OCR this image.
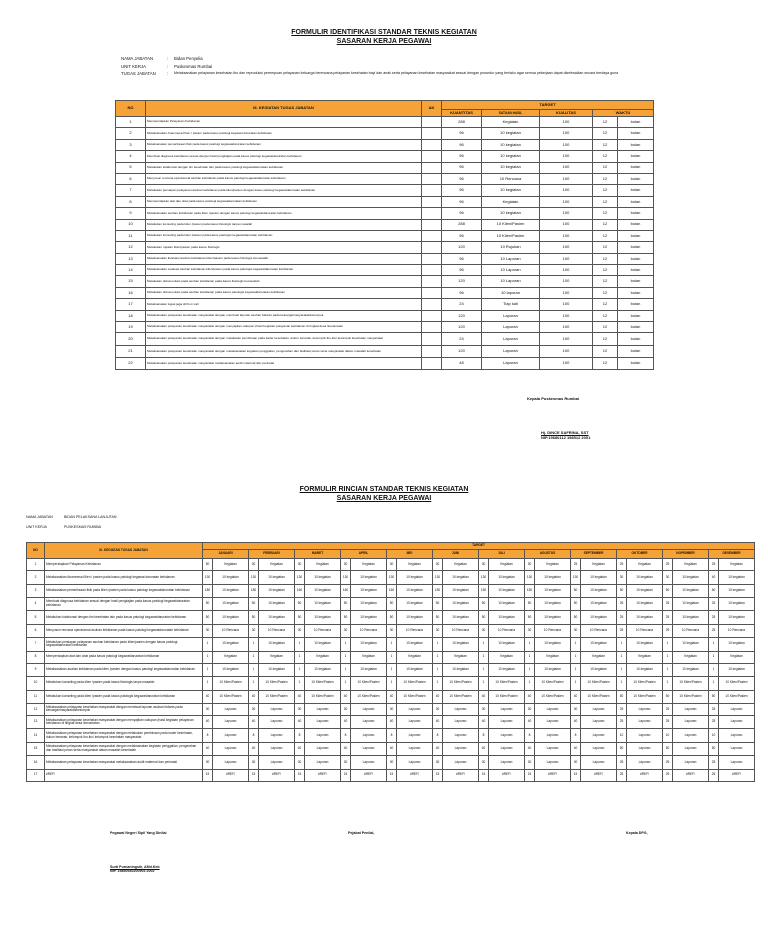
FORMULIR IDENTIFIKASI STANDAR TEKNIS KEGIATAN
SASARAN KERJA PEGAWAI
NAMA JABATAN	: Bidan Penyelia
UNIT KERJA	: Puskesmas Rumbai
TUGAS JABATAN	: Melaksanakan pelayanan kesehatan ibu dan reproduksi perempuan pelayanan keluarga berencana pelayanan kesehatan bayi dan anak serta pelayanan kesehatan masyarakat sesuai dengan prosedur yang berlaku agar semua pekerjaan dapat diselesaikan secara berdaya guna
NO	III. KEGIATAN TUGAS JABATAN	AK	TARGET				
			KUANTITAS	SATUAN HASIL	KUALITAS	WAKTU	
1	Mempersiapkan Pelayanan Kebidanan		288	Kegiatan	100	12	bulan
2	Melaksanakan Anamnesa Klien / pasien pada kasus patologi kegawat daruratan kebidanan		96	10 kegiatan	100	12	bulan
3	Melaksanakan pemeriksaan fisik pada kasus patologi kegawatdaruratan kebidanan		96	10 kegiatan	100	12	bulan
4	Membuat diagnosa kebidanan sesuai dengan hasil pengkajian pada kasus patologi kegawatdaruratan kebidanan		96	10 kegiatan	100	12	bulan
5	Melakukan kolaborasi dengan tim kesehatan lain pada kasus patologi kegawatdaruratan kebidanan		96	10 kegiatan	100	12	bulan
6	Menyusun rencana operasional asuhan kebidanan pada kasus patologi kegawatdaruratan kebidanan		96	10 Rencana	100	12	bulan
7	Melakukan persiapan pelayanan asuhan kebidanan pada klien/pasien dengan kasus patologi kegawatdaruratan kebidanan		96	10 kegiatan	100	12	bulan
8	Mempersiapkan alat dan obat pada kasus patologi kegawatdaruratan kebidanan		96	Kegiatan	100	12	bulan
9	Melaksanakan asuhan kebidanan pada klien /pasien dengan kasus patologi kegawatdaruratan kebidanan		96	10 kegiatan	100	12	bulan
10	Melakukan konseling pada klien /pasien pada kasus fisiologis tanpa masalah		288	10 Klien/Pasien	100	12	bulan
11	Melakukan konseling pada klien /pasien pada kasus patologis kegawatdaruratan kebidanan		96	10 Klien/Pasien	100	12	bulan
12	Melakukan rujukan klien/pasien pada kasus fisiologis		120	10 Rujukan	100	12	bulan
13	Melaksanakan Evaluasi asuhan kebidanan klien/pasien pada kasus fisiologis kemasalah		96	10 Laporan	100	12	bulan
14	Melaksanakan evaluasi asuhan kebidanan klien/pasien pada kasus patologis kegawatdaruratan kebidanan		96	10 Laporan	100	12	bulan
15	Melakukan dokumentasi pada asuhan kebidanan pada kasus fisiologis kemasalah		120	10 Laporan	100	12	bulan
16	Melakukan dokumentasi pada asuhan kebidanan pada kasus patologis kegawatdaruratan kebidanan		96	10 laporan	100	12	bulan
17	Melaksanakan tugas jaga shift on call		24	Tiap kali	100	12	bulan
18	Melaksanakan pelayanan kesehatan masyarakat dengan membuat laporan asuhan bidanis pada keluarga/masyarakat/kelompok		120	Laporan	100	12	bulan
19	Melaksanakan pelayanan kesehatan masyarakat dengan menyajikan cakupan (hasil kegiatan pelayanan kebidanan di tingkat desa /kecamatan		120	Laporan	100	12	bulan
20	Melaksanakan pelayanan kesehatan masyarakat dengan melakukan pembinaan pada kader kesehatan, dukun beranak, kelompok ibu-ibu/ kelompok kesehatan masyarakat		24	Laporan	100	12	bulan
21	Melaksanakan pelayanan kesehatan masyarakat dengan melaksanakan kegiatan penggalian, pengerahan dan fasilitasi peran serta masyarakat dalam masalah kesehatan		120	Laporan	100	12	bulan
22	Melaksanakan pelayanan kesehatan masyarakat melaksanakan audit maternal dan perinatal		48	Laporan	100	12	bulan
Kepala Puskesmas Rumbai
Hj. DINCE SAFRINA, SST
NIP.19680112 198512 2001
FORMULIR RINCIAN STANDAR TEKNIS KEGIATAN
SASARAN KERJA PEGAWAI
NAMA JABATAN	BIDAN PELAKSANA LANJUTAN
UNIT KERJA	PUSKESMAS RUMBAI
NO	III. KEGIATAN TUGAS JABATAN	TARGET																							
		JANUARI		FEBRUARI		MARET		APRIL		MEI		JUNI		JULI		AGUSTUS		SEPTEMBER		OKTOBER		NOPEMBER		DESEMBER	
1	Mempersiapkan Pelayanan Kebidanan	50	Kegiatan	30	Kegiatan	30	Kegiatan	30	Kegiatan	30	Kegiatan	30	Kegiatan	30	Kegiatan	30	Kegiatan	25	Kegiatan	25	Kegiatan	25	Kegiatan	25	Kegiatan
2	Melaksanakan Anamnesa Klien / pasien pada kasus patologi kegawat daruratan kebidanan	130	10 kegiatan	130	10 kegiatan	130	10 kegiatan	130	10 kegiatan	130	10 kegiatan	130	10 kegiatan	130	10 kegiatan	130	10 kegiatan	130	10 kegiatan	30	10 kegiatan	30	10 kegiatan	40	10 kegiatan
3	Melaksanakan pemeriksaan fisik pada klien /pasien pada kasus patologi kegawatdaruratan kebidanan	180	10 kegiatan	180	10 kegiatan	160	10 kegiatan	160	10 kegiatan	160	10 kegiatan	150	10 kegiatan	150	10 kegiatan	150	10 kegiatan	50	10 kegiatan	50	10 kegiatan	50	10 kegiatan	60	10 kegiatan
4	Membuat diagnosa kebidanan sesuai dengan hasil pengkajian pada kasus patologi kegawatdaruratan kebidanan	50	10 kegiatan	50	10 kegiatan	50	10 kegiatan	50	10 kegiatan	50	10 kegiatan	50	10 kegiatan	50	10 kegiatan	50	10 kegiatan	50	10 kegiatan	25	10 kegiatan	25	10 kegiatan	25	10 kegiatan
5	Melakukan kolaborasi dengan tim kesehatan lain pada kasus patologi kegawatdaruratan kebidanan	50	10 kegiatan	50	10 kegiatan	50	10 kegiatan	50	10 kegiatan	50	10 kegiatan	50	10 kegiatan	50	10 kegiatan	50	10 kegiatan	50	10 kegiatan	25	10 kegiatan	25	10 kegiatan	25	10 kegiatan
6	Menyusun rencana operasional asuhan kebidanan pada kasus patologi kegawatdaruratan kebidanan	30	10 Rencana	30	10 Rencana	30	10 Rencana	30	10 Rencana	30	10 Rencana	30	10 Rencana	30	10 Rencana	30	10 Rencana	30	10 Rencana	25	10 Rencana	25	10 Rencana	25	10 Rencana
7	Melakukan persiapan pelayanan asuhan kebidanan pada klien/pasien dengan kasus patologi kegawatdaruratan kebidanan	1	10 kegiatan	1	10 kegiatan	1	10 kegiatan	1	10 kegiatan	1	10 kegiatan	1	10 kegiatan	1	10 kegiatan	1	10 kegiatan	1	10 kegiatan	1	10 kegiatan	1	10 kegiatan	1	10 kegiatan
8	Mempersiapkan alat dan obat pada kasus patologi kegawatdaruratan kebidanan	1	Kegiatan	1	Kegiatan	1	Kegiatan	1	Kegiatan	1	Kegiatan	1	Kegiatan	1	Kegiatan	1	Kegiatan	1	Kegiatan	1	Kegiatan	1	Kegiatan	1	Kegiatan
9	Melaksanakan asuhan kebidanan pada klien /pasien dengan kasus patologi kegawatdaruratan kebidanan	1	10 kegiatan	1	10 kegiatan	1	10 kegiatan	1	10 kegiatan	1	10 kegiatan	1	10 kegiatan	1	10 kegiatan	1	10 kegiatan	1	10 kegiatan	1	10 kegiatan	1	10 kegiatan	1	10 kegiatan
10	Melakukan konseling pada klien /pasien pada kasus fisiologis tanpa masalah	1	10 Klien/Pasien	1	10 Klien/Pasien	1	10 Klien/Pasien	1	10 Klien/Pasien	1	10 Klien/Pasien	1	10 Klien/Pasien	1	10 Klien/Pasien	1	10 Klien/Pasien	1	10 Klien/Pasien	1	10 Klien/Pasien	1	10 Klien/Pasien	1	10 Klien/Pasien
11	Melakukan konseling pada klien /pasien pada kasus patologis kegawatdaruratan kebidanan	40	10 Klien/Pasien	40	10 Klien/Pasien	40	10 Klien/Pasien	40	10 Klien/Pasien	40	10 Klien/Pasien	40	10 Klien/Pasien	40	10 Klien/Pasien	40	10 Klien/Pasien	40	10 Klien/Pasien	50	10 Klien/Pasien	50	10 Klien/Pasien	50	10 Klien/Pasien
12	Melaksanakan pelayanan kesehatan masyarakat dengan membuat laporan asuhan bidanis pada keluarga/masyarakat/kelompok	30	Laporan	30	Laporan	30	Laporan	30	Laporan	30	Laporan	30	Laporan	30	Laporan	30	Laporan	30	Laporan	25	Laporan	25	Laporan	25	Laporan
13	Melaksanakan pelayanan kesehatan masyarakat dengan menyajikan cakupan (hasil kegiatan pelayanan kebidanan di tingkat desa /kecamatan	40	Laporan	40	Laporan	40	Laporan	40	Laporan	40	Laporan	40	Laporan	40	Laporan	40	Laporan	40	Laporan	25	Laporan	25	Laporan	25	Laporan
14	Melaksanakan pelayanan kesehatan masyarakat dengan melakukan pembinaan pada kader kesehatan, dukun beranak, kelompok ibu-ibu/ kelompok kesehatan masyarakat	8	Laporan	8	Laporan	8	Laporan	8	Laporan	8	Laporan	8	Laporan	8	Laporan	8	Laporan	8	Laporan	10	Laporan	10	Laporan	10	Laporan
15	Melaksanakan pelayanan kesehatan masyarakat dengan melaksanakan kegiatan penggalian, pengerahan dan fasilitasi peran serta masyarakat dalam masalah kesehatan	40	Laporan	40	Laporan	40	Laporan	40	Laporan	40	Laporan	40	Laporan	40	Laporan	40	Laporan	40	Laporan	50	Laporan	50	Laporan	50	Laporan
16	Melaksanakan pelayanan kesehatan masyarakat melaksanakan audit maternal dan perinatal	30	Laporan	30	Laporan	30	Laporan	30	Laporan	30	Laporan	30	Laporan	30	Laporan	30	Laporan	30	Laporan	25	Laporan	25	Laporan	25	Laporan
17	#REF!	15	#REF!	15	#REF!	15	#REF!	15	#REF!	15	#REF!	15	#REF!	15	#REF!	15	#REF!	15	#REF!	25	#REF!	25	#REF!	25	#REF!
Pegawai Negeri Sipil Yang Dinilai	Pejabat Penilai,	Kepala DPG,
Surti Purnaningsih, AMd.Keb
NIP. 19850930200903 2002
